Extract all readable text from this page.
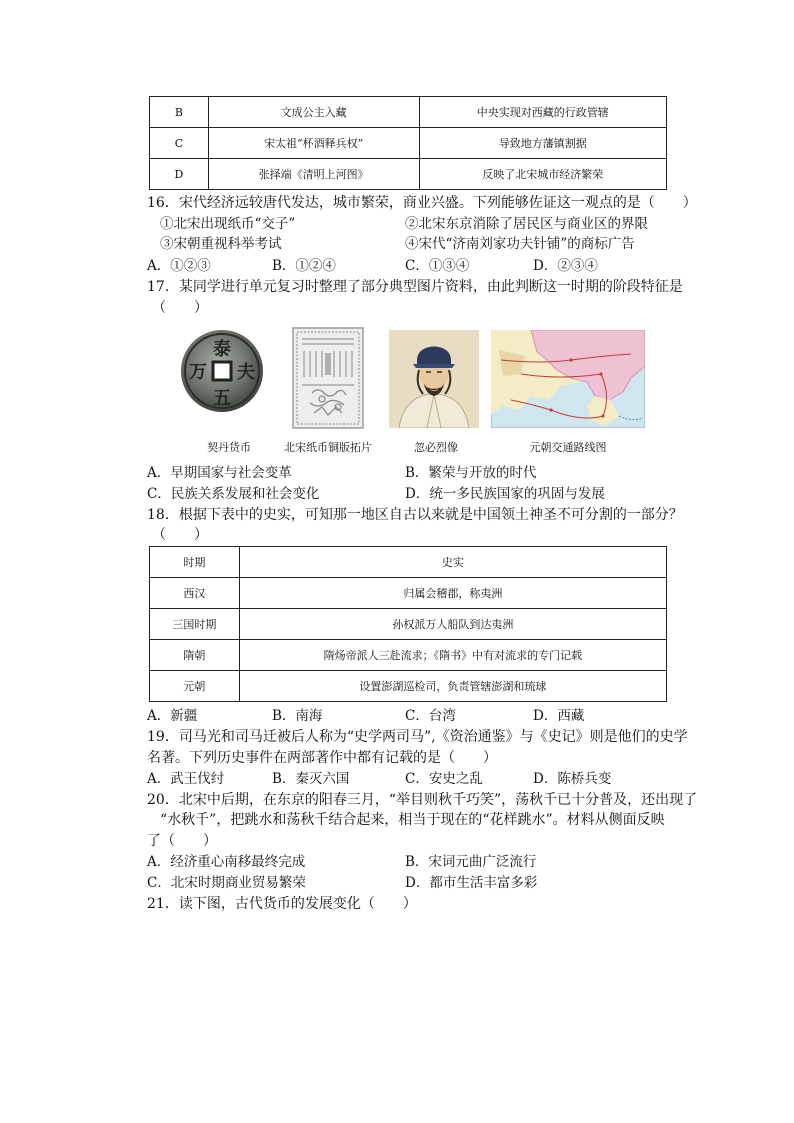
B	文成公主入藏	中央实现对西藏的行政管辖
C	宋太祖“杯酒释兵权”	导致地方藩镇割据
D	张择端《清明上河图》	反映了北宋城市经济繁荣
16．宋代经济远较唐代发达，城市繁荣，商业兴盛。下列能够佐证这一观点的是（　　）
①北宋出现纸币“交子”	②北宋东京消除了居民区与商业区的界限
③宋朝重视科举考试	④宋代“济南刘家功夫针铺”的商标广告
A．①②③	B．①②④	C．①③④	D．②③④
17．某同学进行单元复习时整理了部分典型图片资料，由此判断这一时期的阶段特征是
（　　）
泰
夫
五
万
契丹货币	北宋纸币铜版拓片	忽必烈像	元朝交通路线图
A．早期国家与社会变革	B．繁荣与开放的时代
C．民族关系发展和社会变化	D．统一多民族国家的巩固与发展
18．根据下表中的史实，可知那一地区自古以来就是中国领土神圣不可分割的一部分？
（　　）
时期	史实
西汉	归属会稽郡，称夷洲
三国时期	孙权派万人船队到达夷洲
隋朝	隋炀帝派人三赴流求；《隋书》中有对流求的专门记载
元朝	设置澎湖巡检司，负责管辖澎湖和琉球
A．新疆	B．南海	C．台湾	D．西藏
19．司马光和司马迁被后人称为“史学两司马”,《资治通鉴》与《史记》则是他们的史学
名著。下列历史事件在两部著作中都有记载的是（　　）
A．武王伐纣	B．秦灭六国	C．安史之乱	D．陈桥兵变
20．北宋中后期，在东京的阳春三月，“举目则秋千巧笑”，荡秋千已十分普及，还出现了
“水秋千”，把跳水和荡秋千结合起来，相当于现在的“花样跳水”。材料从侧面反映
了（　　）
A．经济重心南移最终完成	B．宋词元曲广泛流行
C．北宋时期商业贸易繁荣	D．都市生活丰富多彩
21．读下图，古代货币的发展变化（　　）
